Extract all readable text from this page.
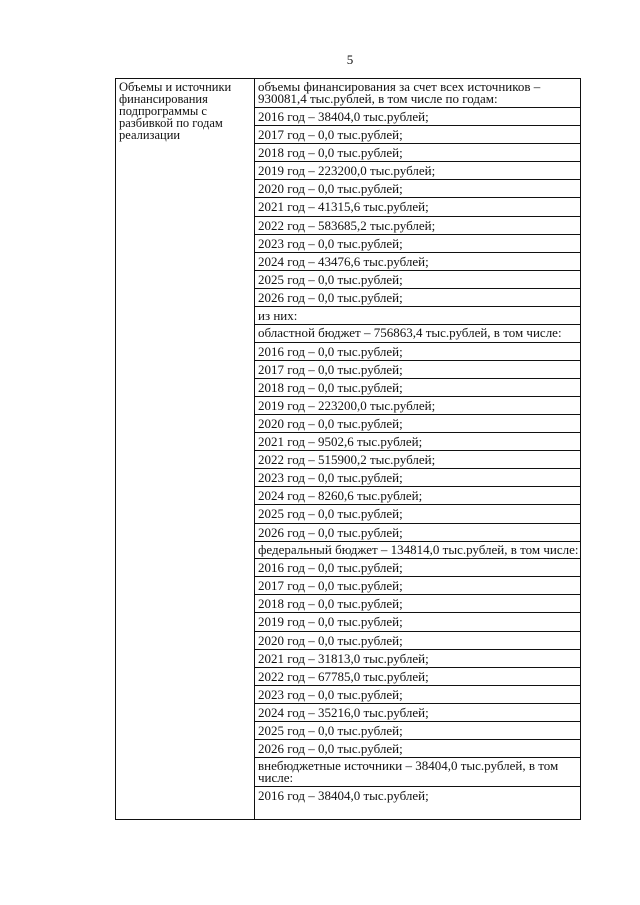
5
Объемы и источники финансирования подпрограммы с разбивкой по годам реализации
объемы финансирования за счет всех источников – 930081,4 тыс.рублей, в том числе по годам:
2016 год – 38404,0 тыс.рублей;
2017 год – 0,0 тыс.рублей;
2018 год – 0,0 тыс.рублей;
2019 год – 223200,0 тыс.рублей;
2020 год – 0,0 тыс.рублей;
2021 год – 41315,6 тыс.рублей;
2022 год – 583685,2 тыс.рублей;
2023 год – 0,0 тыс.рублей;
2024 год – 43476,6 тыс.рублей;
2025 год – 0,0 тыс.рублей;
2026 год – 0,0 тыс.рублей;
из них:
областной бюджет – 756863,4 тыс.рублей, в том числе:
2016 год – 0,0 тыс.рублей;
2017 год – 0,0 тыс.рублей;
2018 год – 0,0 тыс.рублей;
2019 год – 223200,0 тыс.рублей;
2020 год – 0,0 тыс.рублей;
2021 год – 9502,6 тыс.рублей;
2022 год – 515900,2 тыс.рублей;
2023 год – 0,0 тыс.рублей;
2024 год – 8260,6 тыс.рублей;
2025 год – 0,0 тыс.рублей;
2026 год – 0,0 тыс.рублей;
федеральный бюджет – 134814,0 тыс.рублей, в том числе:
2016 год – 0,0 тыс.рублей;
2017 год – 0,0 тыс.рублей;
2018 год – 0,0 тыс.рублей;
2019 год – 0,0 тыс.рублей;
2020 год – 0,0 тыс.рублей;
2021 год – 31813,0 тыс.рублей;
2022 год – 67785,0 тыс.рублей;
2023 год – 0,0 тыс.рублей;
2024 год – 35216,0 тыс.рублей;
2025 год – 0,0 тыс.рублей;
2026 год – 0,0 тыс.рублей;
внебюджетные источники – 38404,0 тыс.рублей, в том числе:
2016 год – 38404,0 тыс.рублей;
